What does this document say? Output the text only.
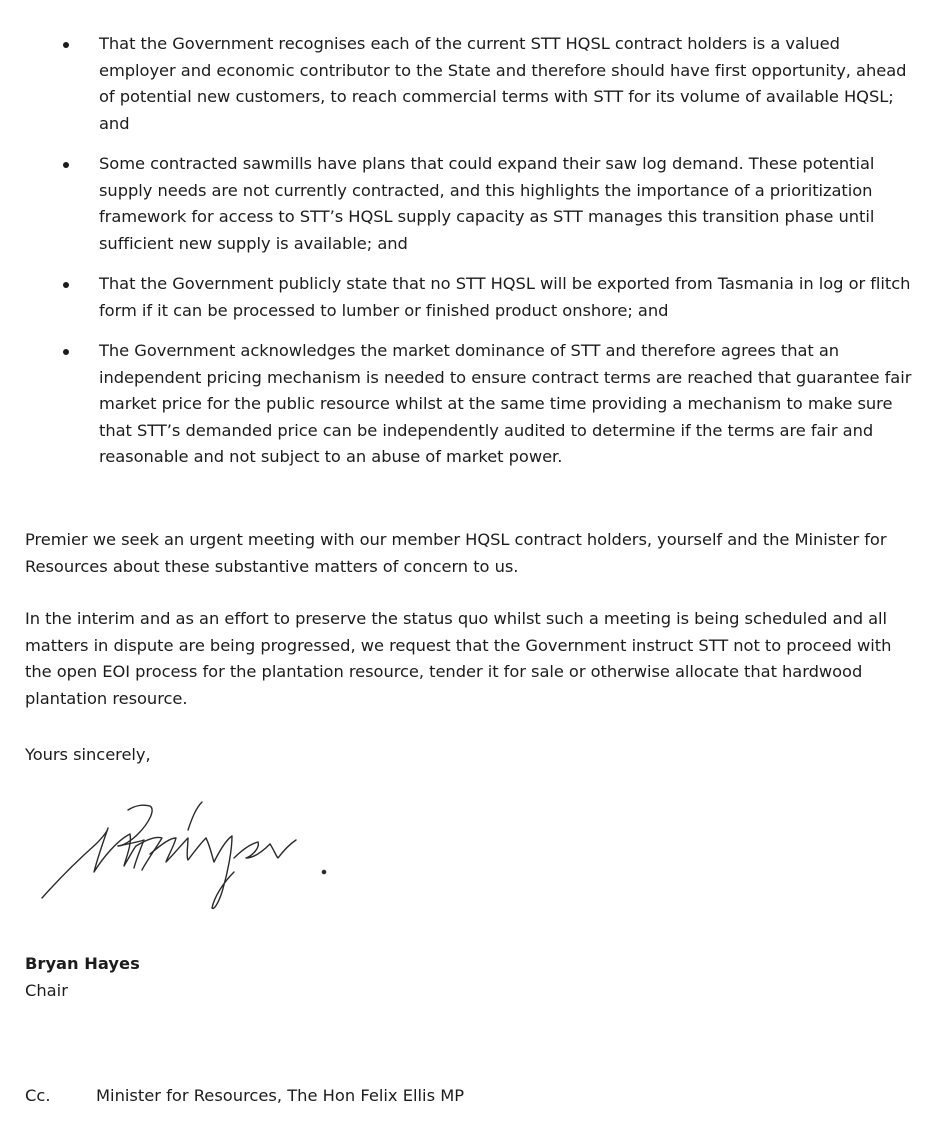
That the Government recognises each of the current STT HQSL contract holders is a valued employer and economic contributor to the State and therefore should have first opportunity, ahead of potential new customers, to reach commercial terms with STT for its volume of available HQSL; and
Some contracted sawmills have plans that could expand their saw log demand. These potential supply needs are not currently contracted, and this highlights the importance of a prioritization framework for access to STT’s HQSL supply capacity as STT manages this transition phase until sufficient new supply is available; and
That the Government publicly state that no STT HQSL will be exported from Tasmania in log or flitch form if it can be processed to lumber or finished product onshore; and
The Government acknowledges the market dominance of STT and therefore agrees that an independent pricing mechanism is needed to ensure contract terms are reached that guarantee fair market price for the public resource whilst at the same time providing a mechanism to make sure that STT’s demanded price can be independently audited to determine if the terms are fair and reasonable and not subject to an abuse of market power.

Premier we seek an urgent meeting with our member HQSL contract holders, yourself and the Minister for Resources about these substantive matters of concern to us.

In the interim and as an effort to preserve the status quo whilst such a meeting is being scheduled and all matters in dispute are being progressed, we request that the Government instruct STT not to proceed with the open EOI process for the plantation resource, tender it for sale or otherwise allocate that hardwood plantation resource.

Yours sincerely,

Bryan Hayes
Chair
Cc.	Minister for Resources, The Hon Felix Ellis MP
